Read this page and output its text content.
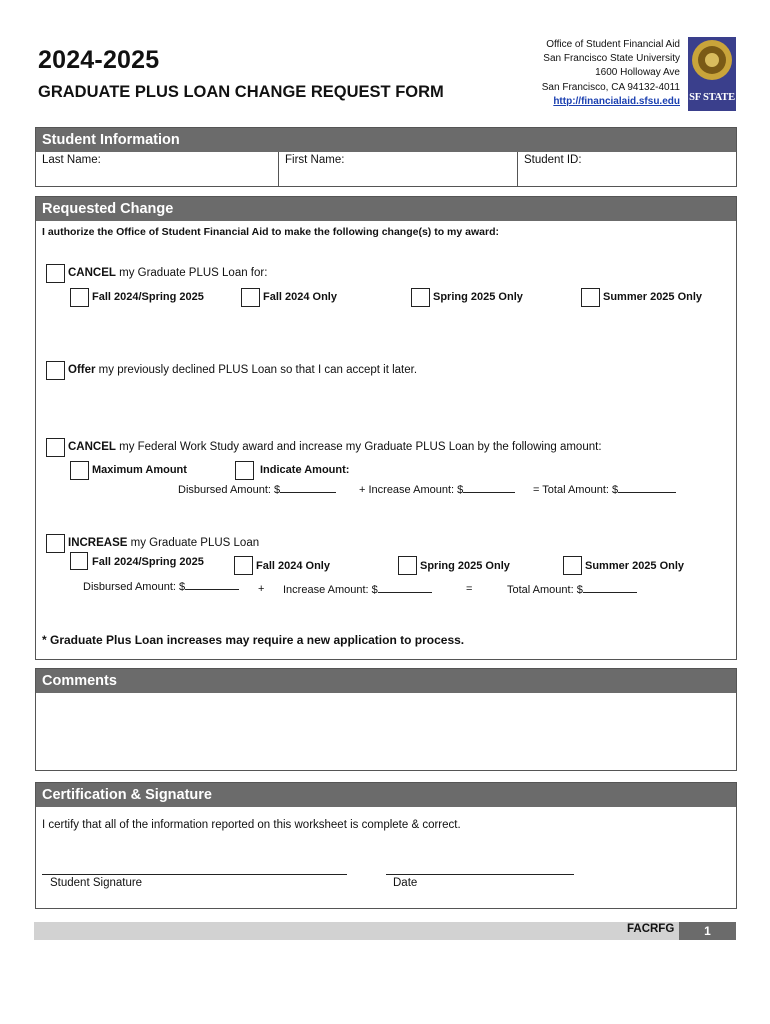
2024-2025
GRADUATE PLUS LOAN CHANGE REQUEST FORM
Office of Student Financial Aid
San Francisco State University
1600 Holloway Ave
San Francisco, CA 94132-4011
http://financialaid.sfsu.edu SF STATE
Student Information
Last Name:	First Name:	Student ID:
Requested Change
I authorize the Office of Student Financial Aid to make the following change(s) to my award:
CANCEL my Graduate PLUS Loan for:
Fall 2024/Spring 2025	Fall 2024 Only	Spring 2025 Only	Summer 2025 Only
Offer my previously declined PLUS Loan so that I can accept it later.
CANCEL my Federal Work Study award and increase my Graduate PLUS Loan by the following amount:
Maximum Amount	Indicate Amount:
Disbursed Amount: $	+ Increase Amount: $	= Total Amount: $
INCREASE my Graduate PLUS Loan
Fall 2024/Spring 2025	Fall 2024 Only	Spring 2025 Only	Summer 2025 Only
Disbursed Amount: $	+ Increase Amount: $	=	Total Amount: $
* Graduate Plus Loan increases may require a new application to process.
Comments
Certification & Signature
I certify that all of the information reported on this worksheet is complete & correct.
Student Signature	Date
FACRFG	1
